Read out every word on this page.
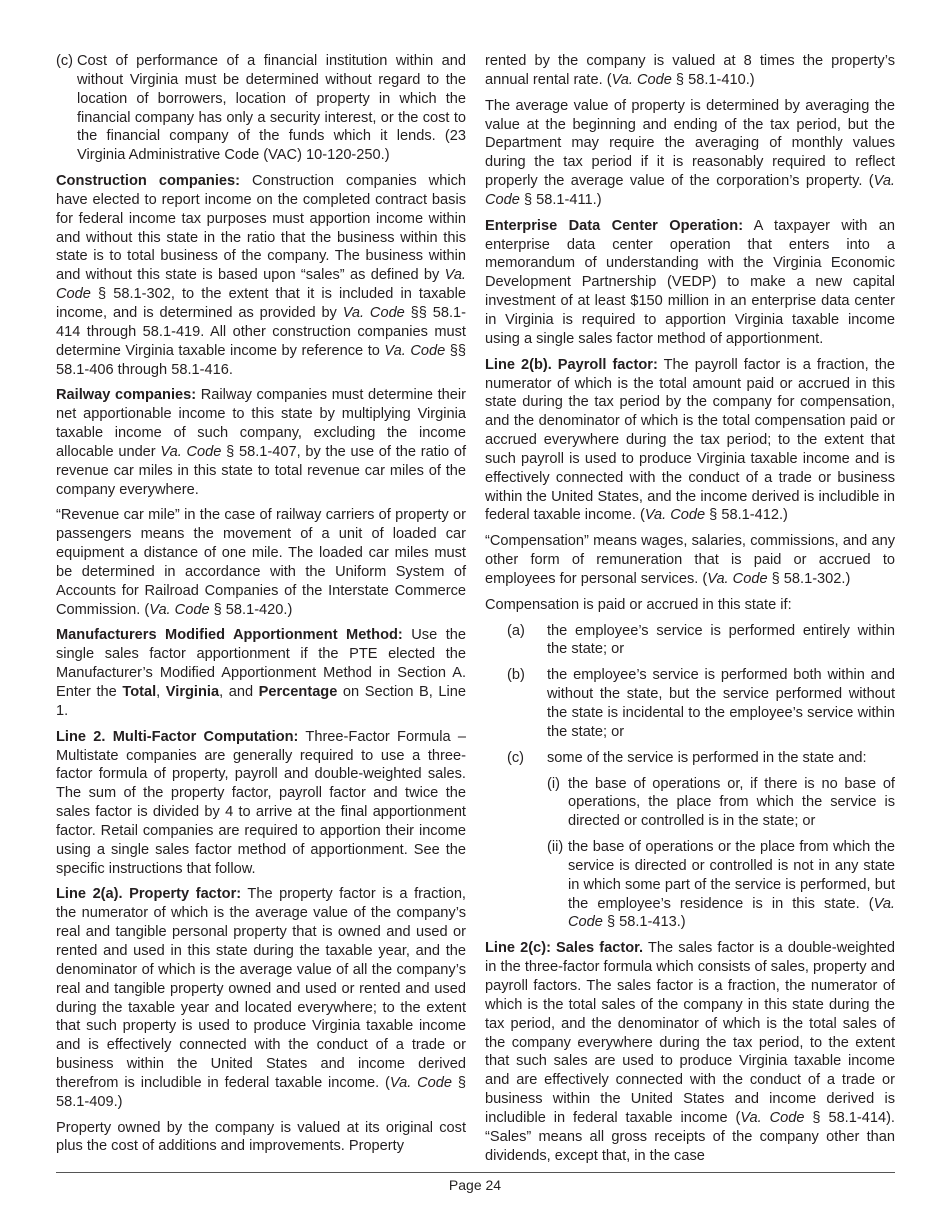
(c) Cost of performance of a financial institution within and without Virginia must be determined without regard to the location of borrowers, location of property in which the financial company has only a security interest, or the cost to the financial company of the funds which it lends. (23 Virginia Administrative Code (VAC) 10-120-250.)

Construction companies: Construction companies which have elected to report income on the completed contract basis for federal income tax purposes must apportion income within and without this state in the ratio that the business within this state is to total business of the company. The business within and without this state is based upon “sales” as defined by Va. Code § 58.1-302, to the extent that it is included in taxable income, and is determined as provided by Va. Code §§ 58.1-414 through 58.1-419. All other construction companies must determine Virginia taxable income by reference to Va. Code §§ 58.1-406 through 58.1-416.

Railway companies: Railway companies must determine their net apportionable income to this state by multiplying Virginia taxable income of such company, excluding the income allocable under Va. Code § 58.1-407, by the use of the ratio of revenue car miles in this state to total revenue car miles of the company everywhere.

“Revenue car mile” in the case of railway carriers of property or passengers means the movement of a unit of loaded car equipment a distance of one mile. The loaded car miles must be determined in accordance with the Uniform System of Accounts for Railroad Companies of the Interstate Commerce Commission. (Va. Code § 58.1-420.)

Manufacturers Modified Apportionment Method: Use the single sales factor apportionment if the PTE elected the Manufacturer’s Modified Apportionment Method in Section A. Enter the Total, Virginia, and Percentage on Section B, Line 1.

Line 2. Multi-Factor Computation: Three-Factor Formula – Multistate companies are generally required to use a three-factor formula of property, payroll and double-weighted sales. The sum of the property factor, payroll factor and twice the sales factor is divided by 4 to arrive at the final apportionment factor. Retail companies are required to apportion their income using a single sales factor method of apportionment. See the specific instructions that follow.

Line 2(a). Property factor: The property factor is a fraction, the numerator of which is the average value of the company’s real and tangible personal property that is owned and used or rented and used in this state during the taxable year, and the denominator of which is the average value of all the company’s real and tangible property owned and used or rented and used during the taxable year and located everywhere; to the extent that such property is used to produce Virginia taxable income and is effectively connected with the conduct of a trade or business within the United States and income derived therefrom is includible in federal taxable income. (Va. Code § 58.1-409.)

Property owned by the company is valued at its original cost plus the cost of additions and improvements. Property

rented by the company is valued at 8 times the property’s annual rental rate. (Va. Code § 58.1-410.)

The average value of property is determined by averaging the value at the beginning and ending of the tax period, but the Department may require the averaging of monthly values during the tax period if it is reasonably required to reflect properly the average value of the corporation’s property. (Va. Code § 58.1-411.)

Enterprise Data Center Operation: A taxpayer with an enterprise data center operation that enters into a memorandum of understanding with the Virginia Economic Development Partnership (VEDP) to make a new capital investment of at least $150 million in an enterprise data center in Virginia is required to apportion Virginia taxable income using a single sales factor method of apportionment.

Line 2(b). Payroll factor: The payroll factor is a fraction, the numerator of which is the total amount paid or accrued in this state during the tax period by the company for compensation, and the denominator of which is the total compensation paid or accrued everywhere during the tax period; to the extent that such payroll is used to produce Virginia taxable income and is effectively connected with the conduct of a trade or business within the United States, and the income derived is includible in federal taxable income. (Va. Code § 58.1-412.)

“Compensation” means wages, salaries, commissions, and any other form of remuneration that is paid or accrued to employees for personal services. (Va. Code § 58.1-302.)

Compensation is paid or accrued in this state if:

(a)	the employee’s service is performed entirely within the state; or
(b)	the employee’s service is performed both within and without the state, but the service performed without the state is incidental to the employee’s service within the state; or
(c)	some of the service is performed in the state and:
(i) the base of operations or, if there is no base of operations, the place from which the service is directed or controlled is in the state; or
(ii) the base of operations or the place from which the service is directed or controlled is not in any state in which some part of the service is performed, but the employee’s residence is in this state. (Va. Code § 58.1-413.)

Line 2(c): Sales factor. The sales factor is a double-weighted in the three-factor formula which consists of sales, property and payroll factors. The sales factor is a fraction, the numerator of which is the total sales of the company in this state during the tax period, and the denominator of which is the total sales of the company everywhere during the tax period, to the extent that such sales are used to produce Virginia taxable income and are effectively connected with the conduct of a trade or business within the United States and income derived is includible in federal taxable income (Va. Code § 58.1-414). “Sales” means all gross receipts of the company other than dividends, except that, in the case

Page 24
